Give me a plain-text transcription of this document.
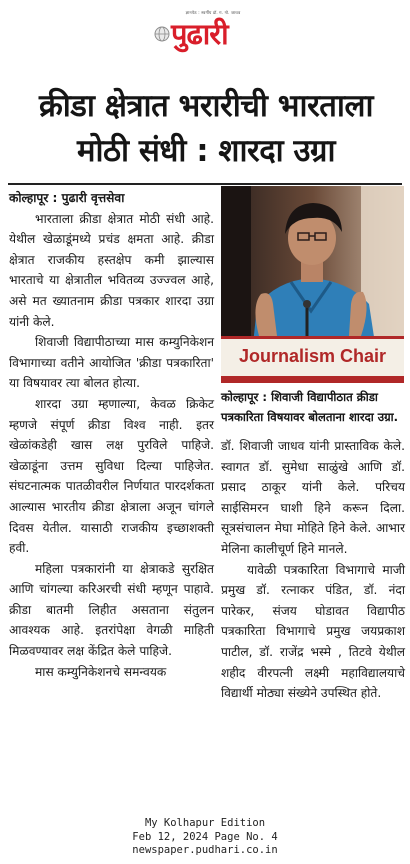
ज्ञानपेठ : स्वर्गीय डॉ. ग. गो. जाधव
पुढारी
क्रीडा क्षेत्रात भरारीची भारताला
मोठी संधी : शारदा उग्रा
कोल्हापूर : पुढारी वृत्तसेवा

भारताला क्रीडा क्षेत्रात मोठी संधी आहे. येथील खेळाडूंमध्ये प्रचंड क्षमता आहे. क्रीडा क्षेत्रात राजकीय हस्तक्षेप कमी झाल्यास भारताचे या क्षेत्रातील भवितव्य उज्ज्वल आहे, असे मत ख्यातनाम क्रीडा पत्रकार शारदा उग्रा यांनी केले.

शिवाजी विद्यापीठाच्या मास कम्युनिकेशन विभागाच्या वतीने आयोजित 'क्रीडा पत्रकारिता' या विषयावर त्या बोलत होत्या.

शारदा उग्रा म्हणाल्या, केवळ क्रिकेट म्हणजे संपूर्ण क्रीडा विश्व नाही. इतर खेळांकडेही खास लक्ष पुरविले पाहिजे. खेळाडूंना उत्तम सुविधा दिल्या पाहिजेत. संघटनात्मक पातळीवरील निर्णयात पारदर्शकता आल्यास भारतीय क्रीडा क्षेत्राला अजून चांगले दिवस येतील. यासाठी राजकीय इच्छाशक्ती हवी.

महिला पत्रकारांनी या क्षेत्राकडे सुरक्षित आणि चांगल्या करिअरची संधी म्हणून पाहावे. क्रीडा बातमी लिहीत असताना संतुलन आवश्यक आहे. इतरांपेक्षा वेगळी माहिती मिळवण्यावर लक्ष केंद्रित केले पाहिजे.

मास कम्युनिकेशनचे समन्वयक

Journalism Chair
कोल्हापूर : शिवाजी विद्यापीठात क्रीडा पत्रकारिता विषयावर बोलताना शारदा उग्रा.

डॉ. शिवाजी जाधव यांनी प्रास्ताविक केले. स्वागत डॉ. सुमेधा साळुंखे आणि डॉ. प्रसाद ठाकूर यांनी केले. परिचय साईसिमरन घाशी हिने करून दिला. सूत्रसंचालन मेघा मोहिते हिने केले. आभार मेलिना कालीचूर्ण हिने मानले.

यावेळी पत्रकारिता विभागाचे माजी प्रमुख डॉ. रत्नाकर पंडित, डॉ. नंदा पारेकर, संजय घोडावत विद्यापीठ पत्रकारिता विभागाचे प्रमुख जयप्रकाश पाटील, डॉ. राजेंद्र भस्मे , तिटवे येथील शहीद वीरपत्नी लक्ष्मी महाविद्यालयाचे विद्यार्थी मोठ्या संख्येने उपस्थित होते.

My Kolhapur Edition
Feb 12, 2024 Page No. 4
newspaper.pudhari.co.in
